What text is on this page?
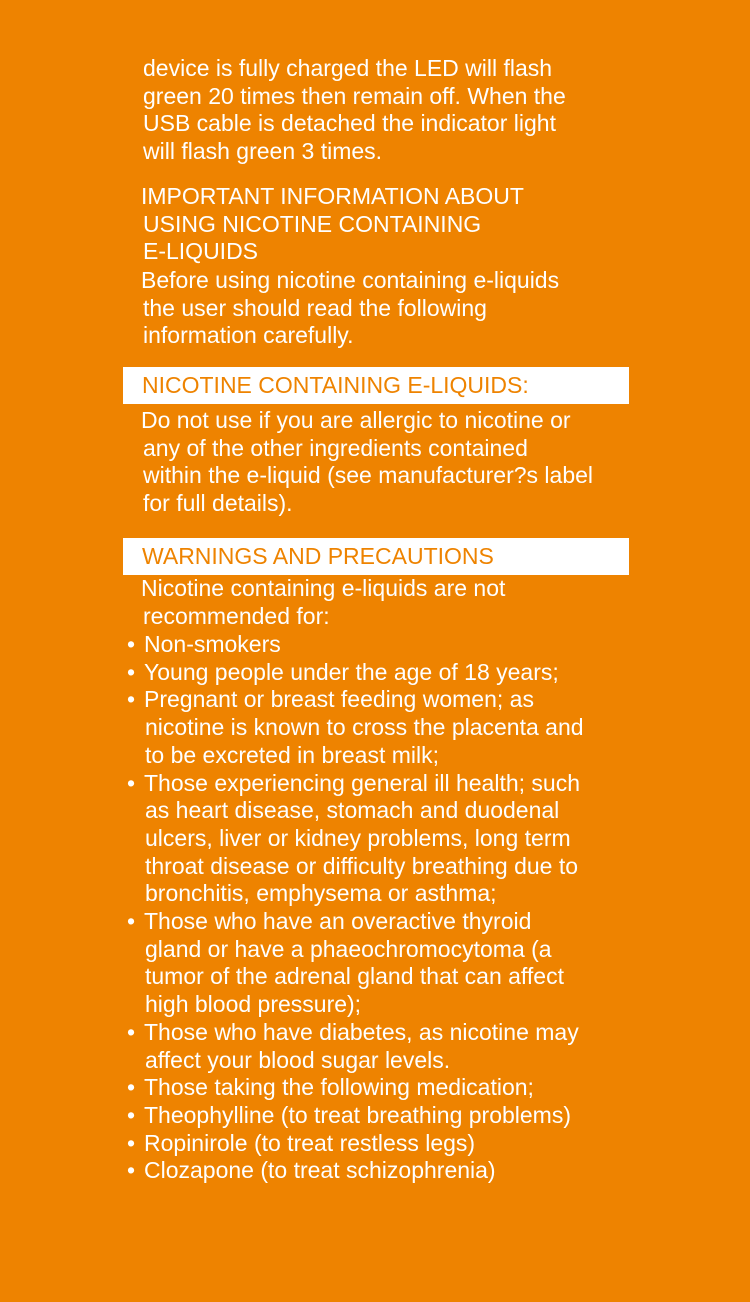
device is fully charged the LED will flash
green 20 times then remain off. When the
USB cable is detached the indicator light
will flash green 3 times.

IMPORTANT INFORMATION ABOUT
USING NICOTINE CONTAINING
E-LIQUIDS

Before using nicotine containing e-liquids
the user should read the following
information carefully.

NICOTINE CONTAINING E-LIQUIDS:

Do not use if you are allergic to nicotine or
any of the other ingredients contained
within the e-liquid (see manufacturer?s label
for full details).

WARNINGS AND PRECAUTIONS

Nicotine containing e-liquids are not
recommended for:

• Non-smokers
• Young people under the age of 18 years;
• Pregnant or breast feeding women; as
nicotine is known to cross the placenta and
to be excreted in breast milk;
• Those experiencing general ill health; such
as heart disease, stomach and duodenal
ulcers, liver or kidney problems, long term
throat disease or difficulty breathing due to
bronchitis, emphysema or asthma;
• Those who have an overactive thyroid
gland or have a phaeochromocytoma (a
tumor of the adrenal gland that can affect
high blood pressure);
• Those who have diabetes, as nicotine may
affect your blood sugar levels.
• Those taking the following medication;
• Theophylline (to treat breathing problems)
• Ropinirole (to treat restless legs)
• Clozapone (to treat schizophrenia)
